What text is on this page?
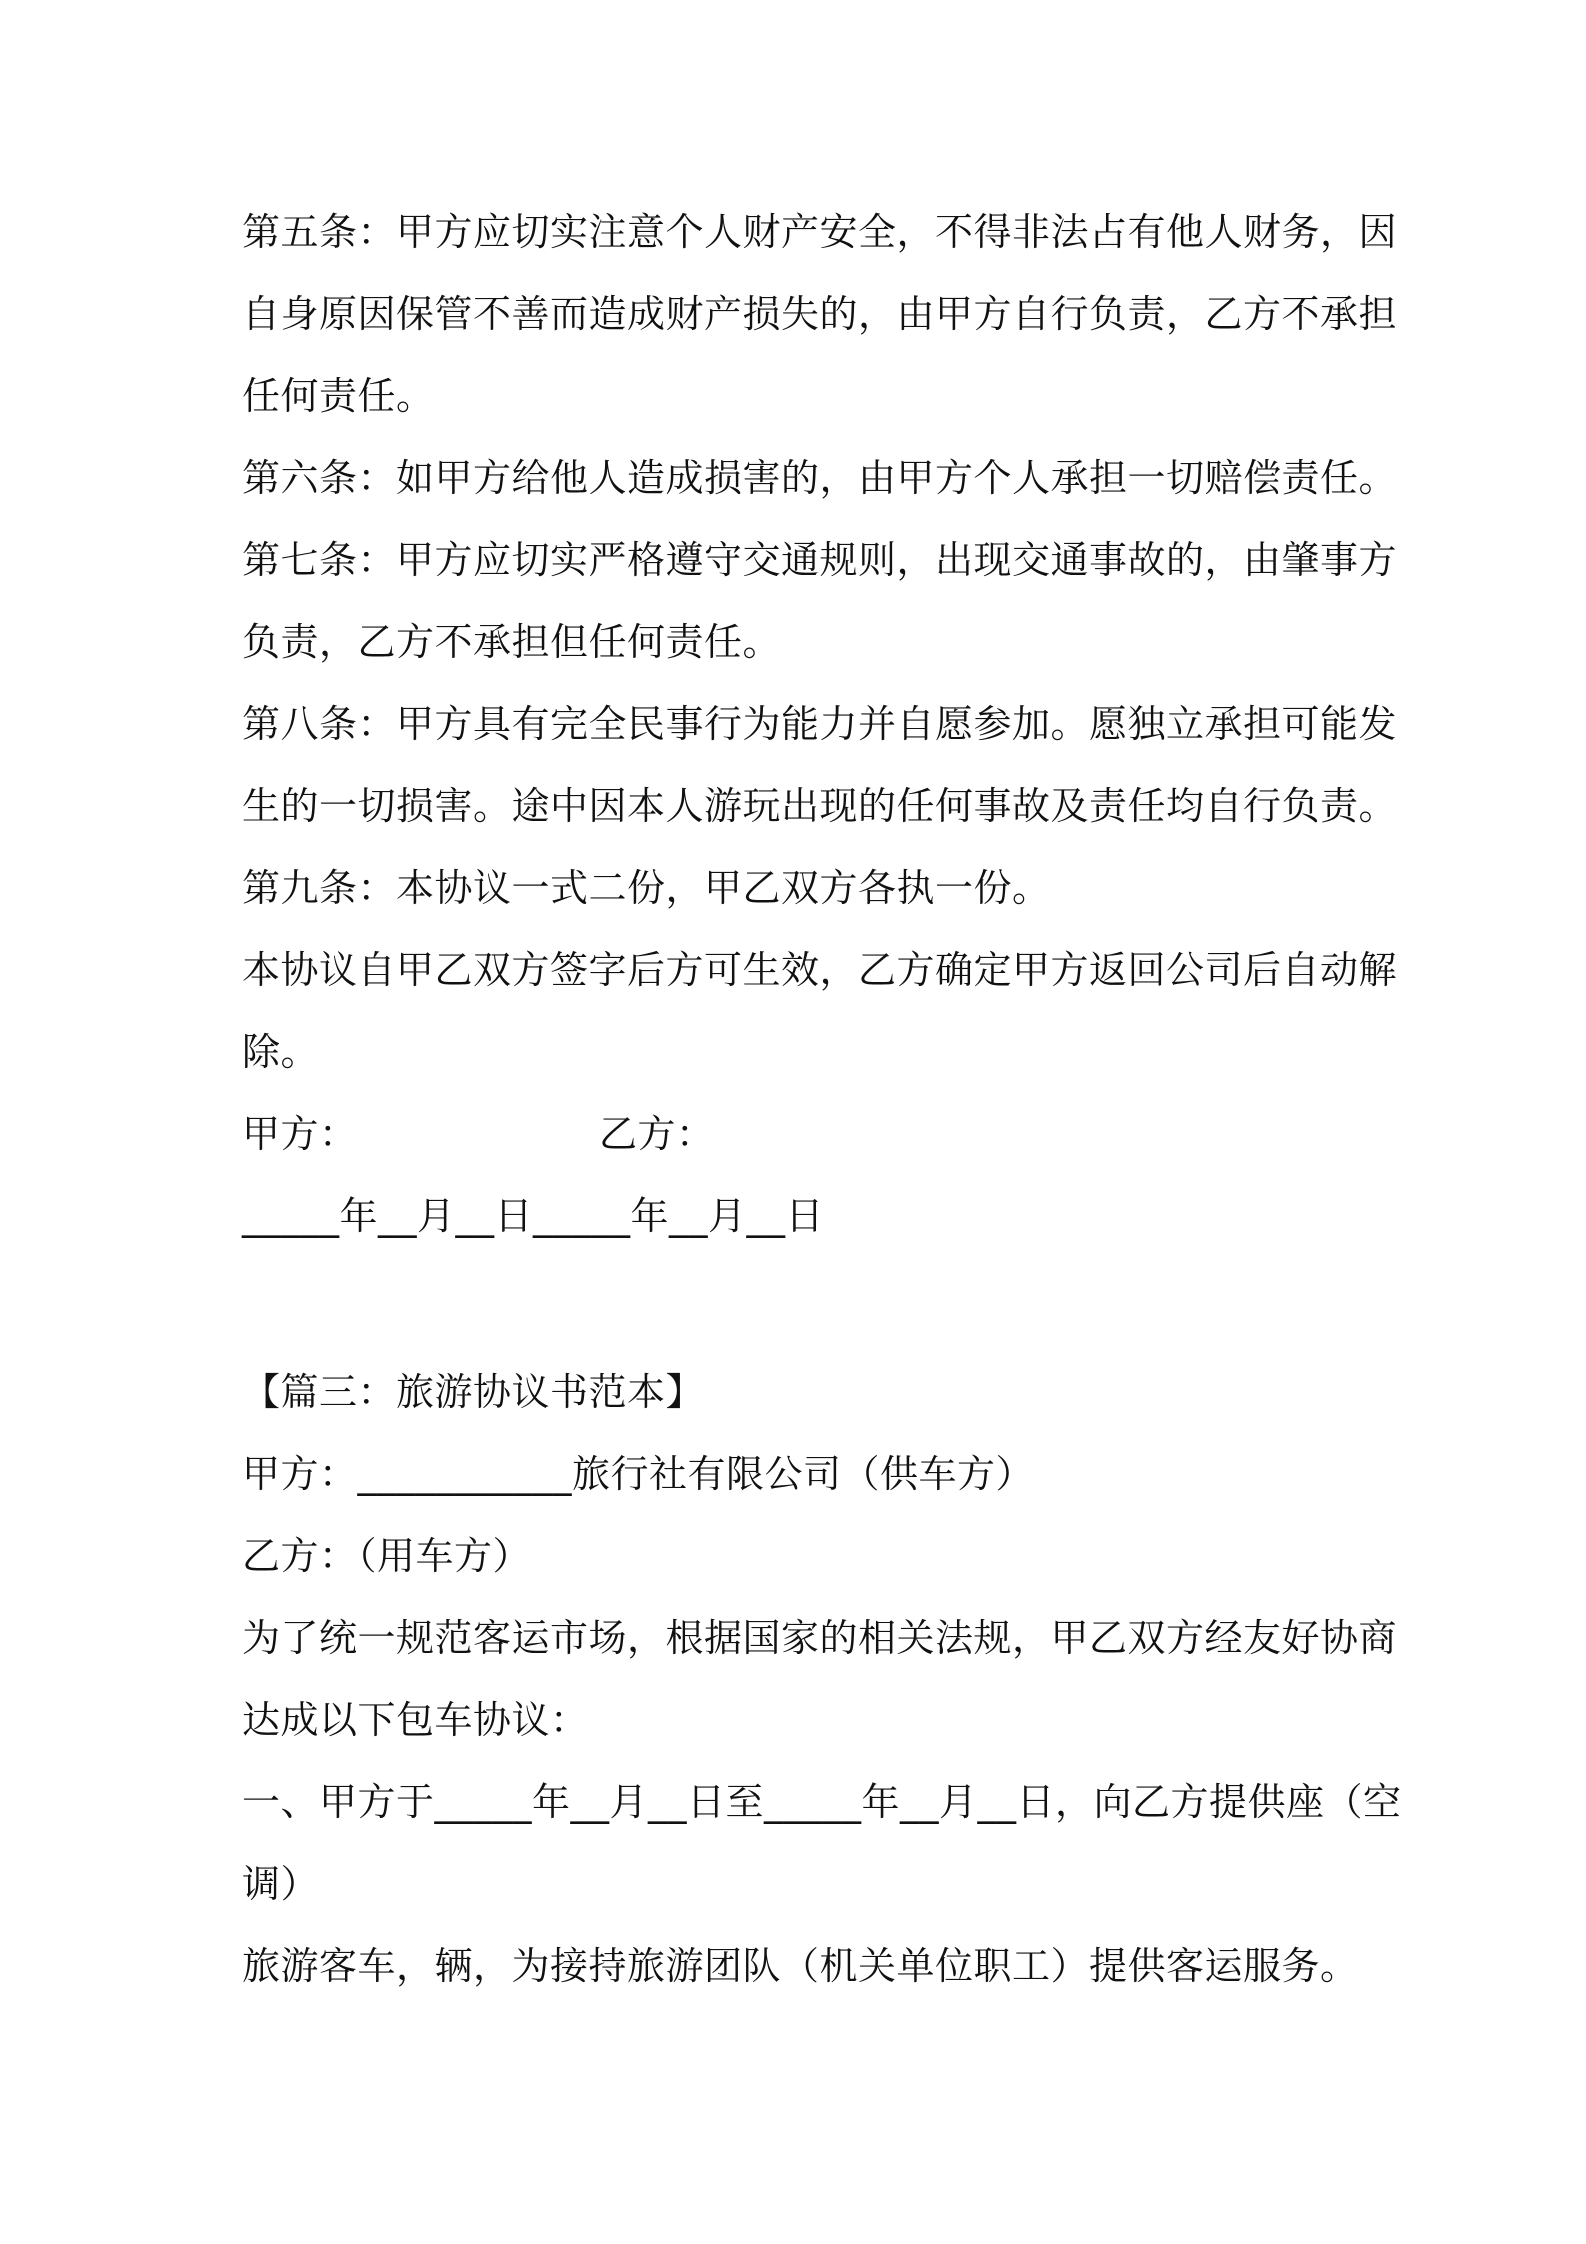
第五条：甲方应切实注意个人财产安全，不得非法占有他人财务，因
自身原因保管不善而造成财产损失的，由甲方自行负责，乙方不承担
任何责任。
第六条：如甲方给他人造成损害的，由甲方个人承担一切赔偿责任。
第七条：甲方应切实严格遵守交通规则，出现交通事故的，由肇事方
负责，乙方不承担但任何责任。
第八条：甲方具有完全民事行为能力并自愿参加。愿独立承担可能发
生的一切损害。途中因本人游玩出现的任何事故及责任均自行负责。
第九条：本协议一式二份，甲乙双方各执一份。
本协议自甲乙双方签字后方可生效，乙方确定甲方返回公司后自动解
除。
甲方：	乙方：
_____年__月__日_____年__月__日
【篇三：旅游协议书范本】
甲方：___________旅行社有限公司（供车方）
乙方：（用车方）
为了统一规范客运市场，根据国家的相关法规，甲乙双方经友好协商
达成以下包车协议：
一、甲方于_____年__月__日至_____年__月__日，向乙方提供座（空
调）
旅游客车，辆，为接持旅游团队（机关单位职工）提供客运服务。
